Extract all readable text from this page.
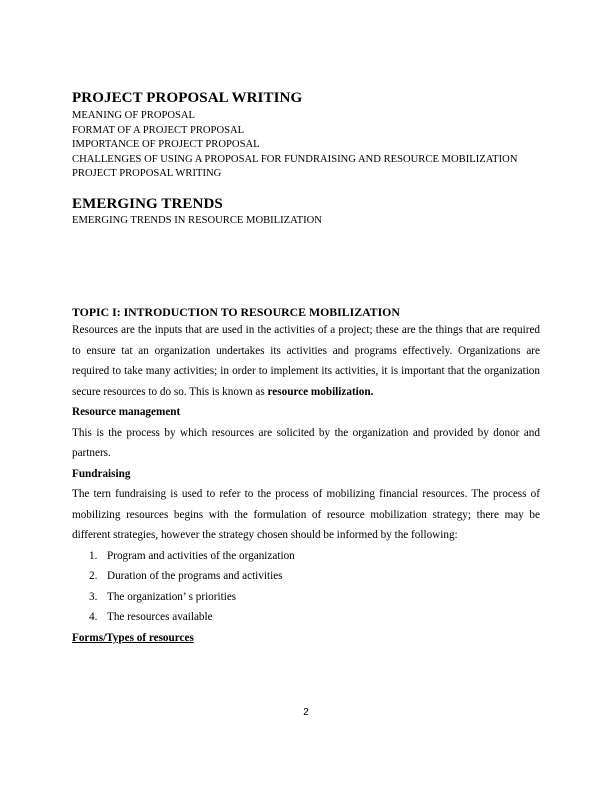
PROJECT PROPOSAL WRITING
MEANING OF PROPOSAL
FORMAT OF A PROJECT PROPOSAL
IMPORTANCE OF PROJECT PROPOSAL
CHALLENGES OF USING A PROPOSAL FOR FUNDRAISING AND RESOURCE MOBILIZATION
PROJECT PROPOSAL WRITING
EMERGING TRENDS
EMERGING TRENDS IN RESOURCE MOBILIZATION
TOPIC I: INTRODUCTION TO RESOURCE MOBILIZATION

Resources are the inputs that are used in the activities of a project; these are the things that are required to ensure tat an organization undertakes its activities and programs effectively. Organizations are required to take many activities; in order to implement its activities, it is important that the organization secure resources to do so. This is known as resource mobilization.

Resource management

This is the process by which resources are solicited by the organization and provided by donor and partners.

Fundraising

The tern fundraising is used to refer to the process of mobilizing financial resources. The process of mobilizing resources begins with the formulation of resource mobilization strategy; there may be different strategies, however the strategy chosen should be informed by the following:

1. Program and activities of the organization
2. Duration of the programs and activities
3. The organization’ s priorities
4. The resources available

Forms/Types of resources

2
